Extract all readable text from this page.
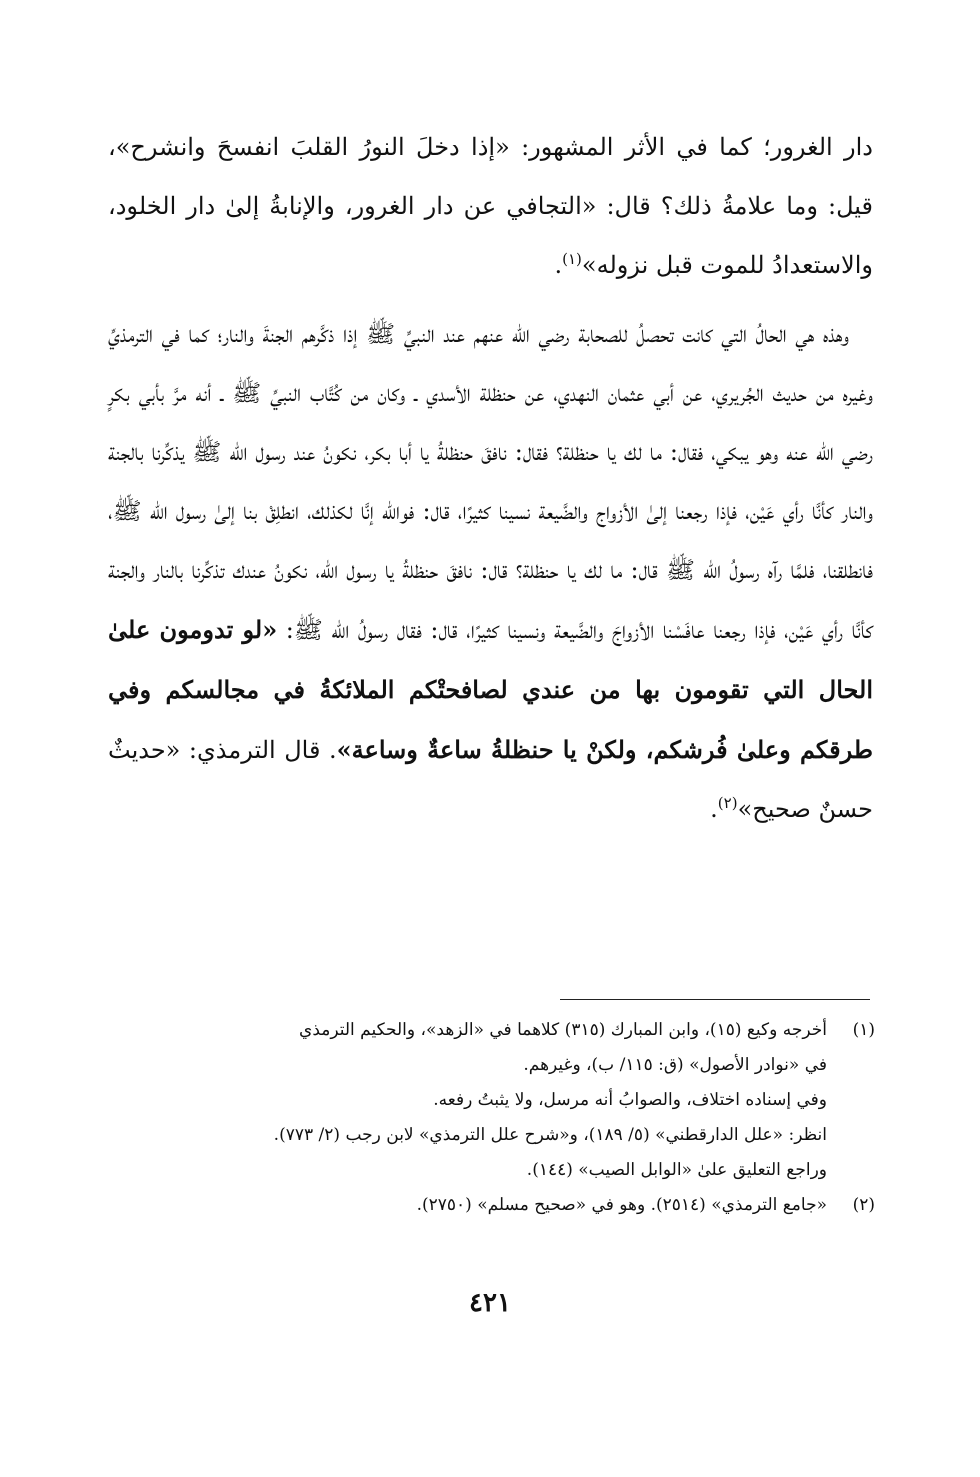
دار الغرور؛ كما في الأثر المشهور: «إذا دخلَ النورُ القلبَ انفسحَ وانشرح»، قيل: وما علامةُ ذلك؟ قال: «التجافي عن دار الغرور، والإنابةُ إلىٰ دار الخلود، والاستعدادُ للموت قبل نزوله»$^{(١)}$.

وهذه هي الحالُ التي كانت تحصلُ للصحابة رضي الله عنهم عند النبيِّ ﷺ إذا ذكَّرهم الجنةَ والنار؛ كما في الترمذيِّ وغيره من حديث الجُريري، عن أبي عثمان النهدي، عن حنظلة الأسدي ـ وكان من كُتَّاب النبيِّ ﷺ ـ أنه مرَّ بأبي بكرٍ رضي الله عنه وهو يبكي، فقال: ما لك يا حنظلة؟ فقال: نافقَ حنظلةُ يا أبا بكر، نكونُ عند رسول الله ﷺ يذكِّرنا بالجنة والنار كأنَّا رأي عَيْن، فإذا رجعنا إلىٰ الأزواج والضَّيعة نسينا كثيرًا، قال: فوالله إنَّا لكذلك، انطلِقْ بنا إلىٰ رسول الله ﷺ، فانطلقنا، فلمَّا رآه رسولُ الله ﷺ قال: ما لك يا حنظلة؟ قال: نافقَ حنظلةُ يا رسول الله، نكونُ عندك تذكِّرنا بالنار والجنة كأنَّا رأي عَيْن، فإذا رجعنا عافَسْنا الأزواجَ والضَّيعة ونسينا كثيرًا، قال: فقال رسولُ الله ﷺ: «لو تدومون علىٰ الحال التي تقومون بها من عندي لصافحتْكم الملائكةُ في مجالسكم وفي طرقكم وعلىٰ فُرشكم، ولكنْ يا حنظلةُ ساعةٌ وساعة». قال الترمذي: «حديثٌ حسنٌ صحيح»$^{(٢)}$.

(١)
أخرجه وكيع (١٥)، وابن المبارك (٣١٥) كلاهما في «الزهد»، والحكيم الترمذي
في «نوادر الأصول» (ق: ١١٥/ ب)، وغيرهم.
وفي إسناده اختلاف، والصوابُ أنه مرسل، ولا يثبتُ رفعه.
انظر: «علل الدارقطني» (٥/ ١٨٩)، و«شرح علل الترمذي» لابن رجب (٢/ ٧٧٣).
وراجع التعليق علىٰ «الوابل الصيب» (١٤٤).
(٢)
«جامع الترمذي» (٢٥١٤). وهو في «صحيح مسلم» (٢٧٥٠).
٤٢١
